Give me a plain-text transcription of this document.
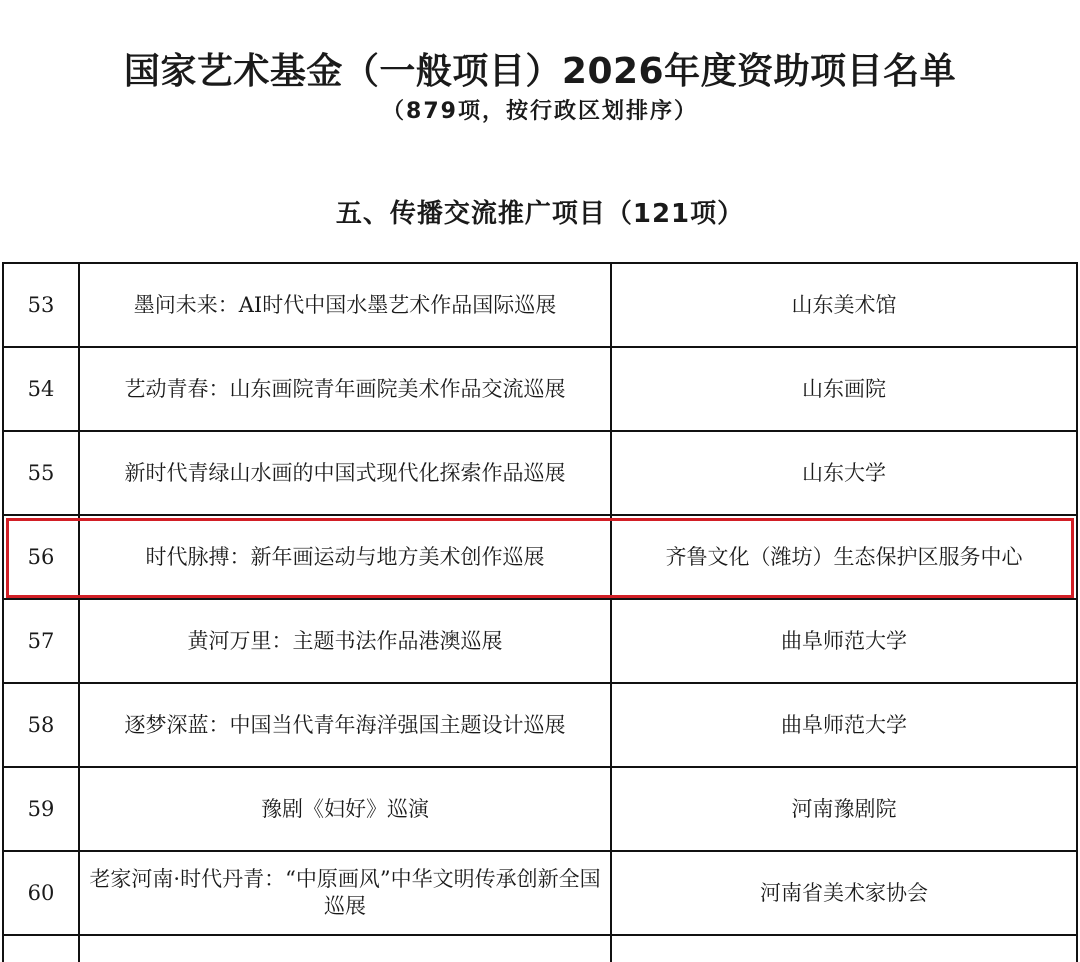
国家艺术基金（一般项目）2026年度资助项目名单
（879项，按行政区划排序）
五、传播交流推广项目（121项）
53	墨问未来：AI时代中国水墨艺术作品国际巡展	山东美术馆
54	艺动青春：山东画院青年画院美术作品交流巡展	山东画院
55	新时代青绿山水画的中国式现代化探索作品巡展	山东大学
56	时代脉搏：新年画运动与地方美术创作巡展	齐鲁文化（潍坊）生态保护区服务中心
57	黄河万里：主题书法作品港澳巡展	曲阜师范大学
58	逐梦深蓝：中国当代青年海洋强国主题设计巡展	曲阜师范大学
59	豫剧《妇好》巡演	河南豫剧院
60	老家河南·时代丹青：“中原画风”中华文明传承创新全国巡展	河南省美术家协会
